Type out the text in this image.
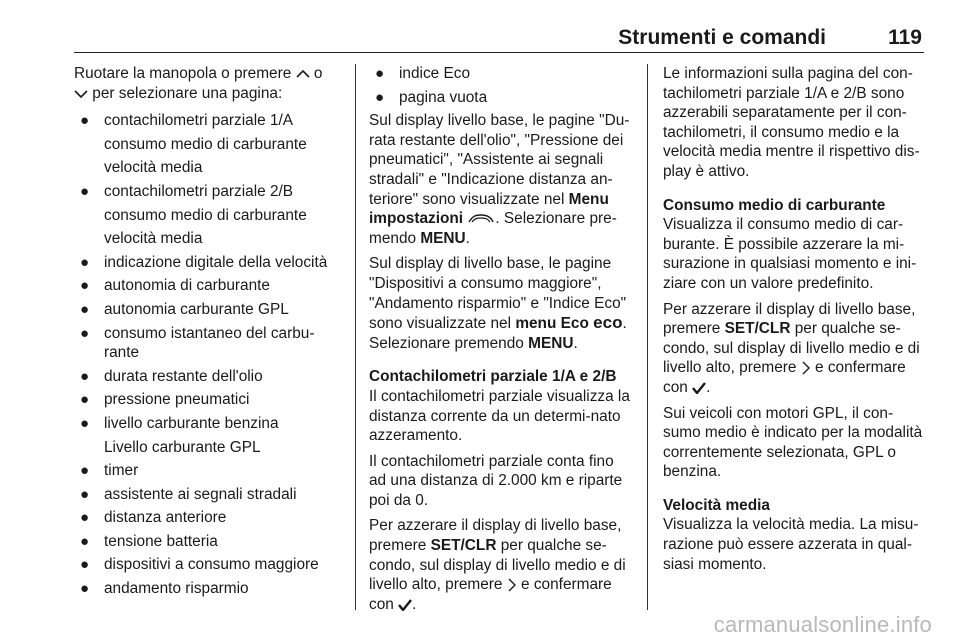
Strumenti e comandi	119

Ruotare la manopola o premere o
per selezionare una pagina:

● contachilometri parziale 1/A
consumo medio di carburante
velocità media
● contachilometri parziale 2/B
consumo medio di carburante
velocità media
● indicazione digitale della velocità
● autonomia di carburante
● autonomia carburante GPL
● consumo istantaneo del carbu-rante
● durata restante dell'olio
● pressione pneumatici
● livello carburante benzina
Livello carburante GPL
● timer
● assistente ai segnali stradali
● distanza anteriore
● tensione batteria
● dispositivi a consumo maggiore
● andamento risparmio
● indice Eco
● pagina vuota

Sul display livello base, le pagine "Du-rata restante dell'olio", "Pressione dei pneumatici", "Assistente ai segnali stradali" e "Indicazione distanza an-teriore" sono visualizzate nel Menu impostazioni . Selezionare pre-mendo MENU.

Sul display di livello base, le pagine "Dispositivi a consumo maggiore", "Andamento risparmio" e "Indice Eco" sono visualizzate nel menu Eco eco. Selezionare premendo MENU.

Contachilometri parziale 1/A e 2/B

Il contachilometri parziale visualizza la distanza corrente da un determi-nato azzeramento.

Il contachilometri parziale conta fino ad una distanza di 2.000 km e riparte poi da 0.

Per azzerare il display di livello base, premere SET/CLR per qualche se-condo, sul display di livello medio e di livello alto, premere e confermare con .

Le informazioni sulla pagina del con-tachilometri parziale 1/A e 2/B sono azzerabili separatamente per il con-tachilometri, il consumo medio e la velocità media mentre il rispettivo dis-play è attivo.

Consumo medio di carburante

Visualizza il consumo medio di car-burante. È possibile azzerare la mi-surazione in qualsiasi momento e ini-ziare con un valore predefinito.

Per azzerare il display di livello base, premere SET/CLR per qualche se-condo, sul display di livello medio e di livello alto, premere e confermare con .

Sui veicoli con motori GPL, il con-sumo medio è indicato per la modalità correntemente selezionata, GPL o benzina.

Velocità media

Visualizza la velocità media. La misu-razione può essere azzerata in qual-siasi momento.

carmanualsonline.info
